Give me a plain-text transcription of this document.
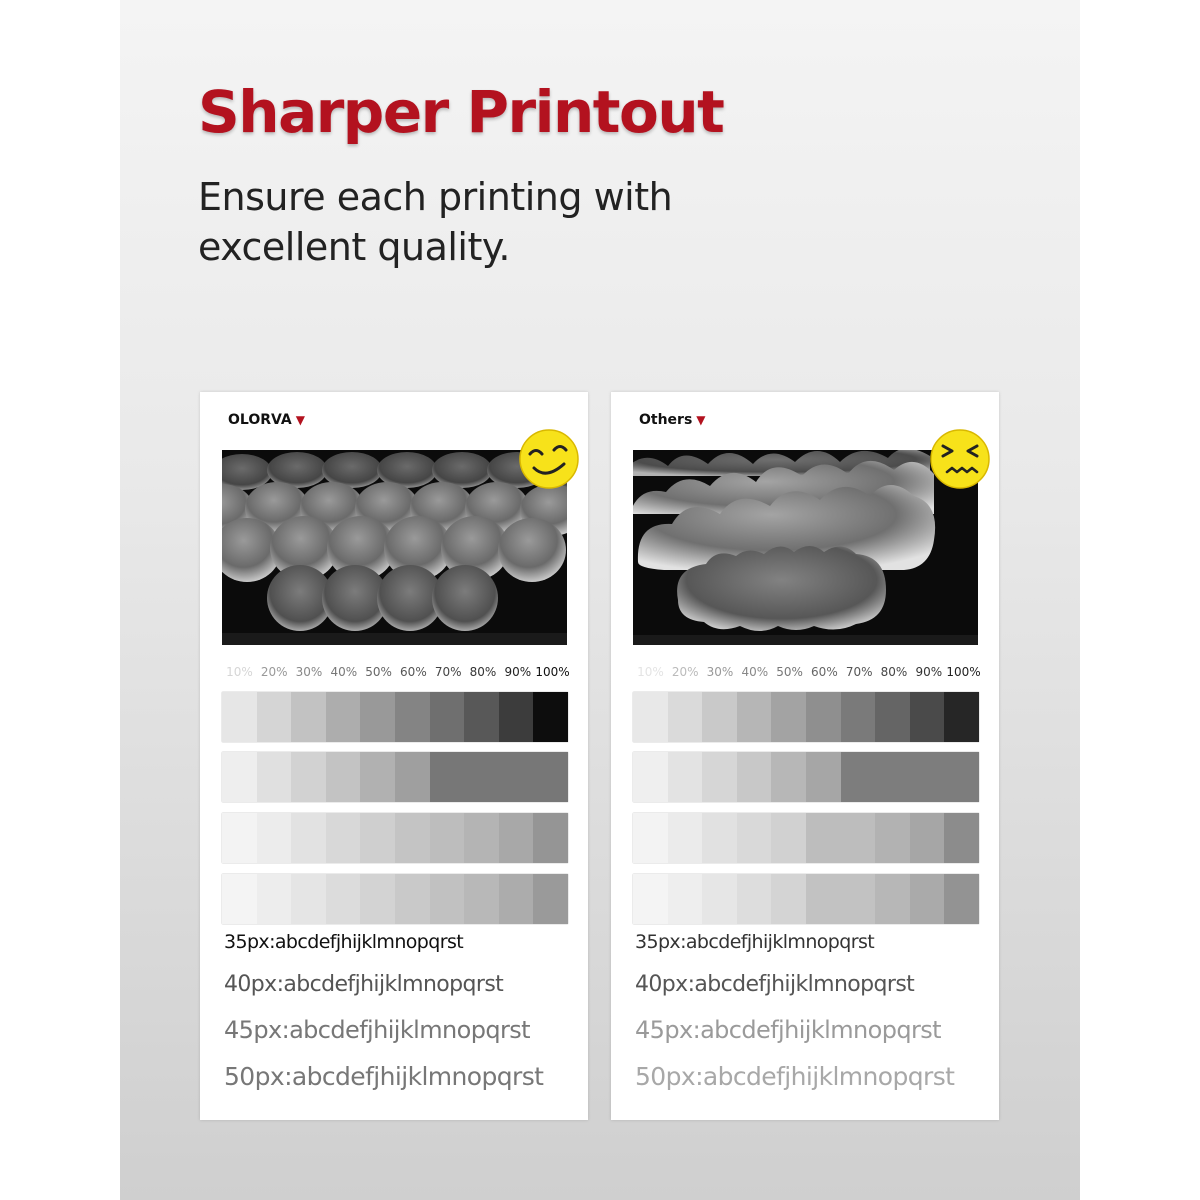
Sharper Printout

Ensure each printing with excellent quality.

OLORVA ▼
10% 20% 30% 40% 50% 60% 70% 80% 90% 100%
35px:abcdefjhijklmnopqrst
40px:abcdefjhijklmnopqrst
45px:abcdefjhijklmnopqrst
50px:abcdefjhijklmnopqrst
Others ▼
10% 20% 30% 40% 50% 60% 70% 80% 90% 100%
35px:abcdefjhijklmnopqrst
40px:abcdefjhijklmnopqrst
45px:abcdefjhijklmnopqrst
50px:abcdefjhijklmnopqrst
